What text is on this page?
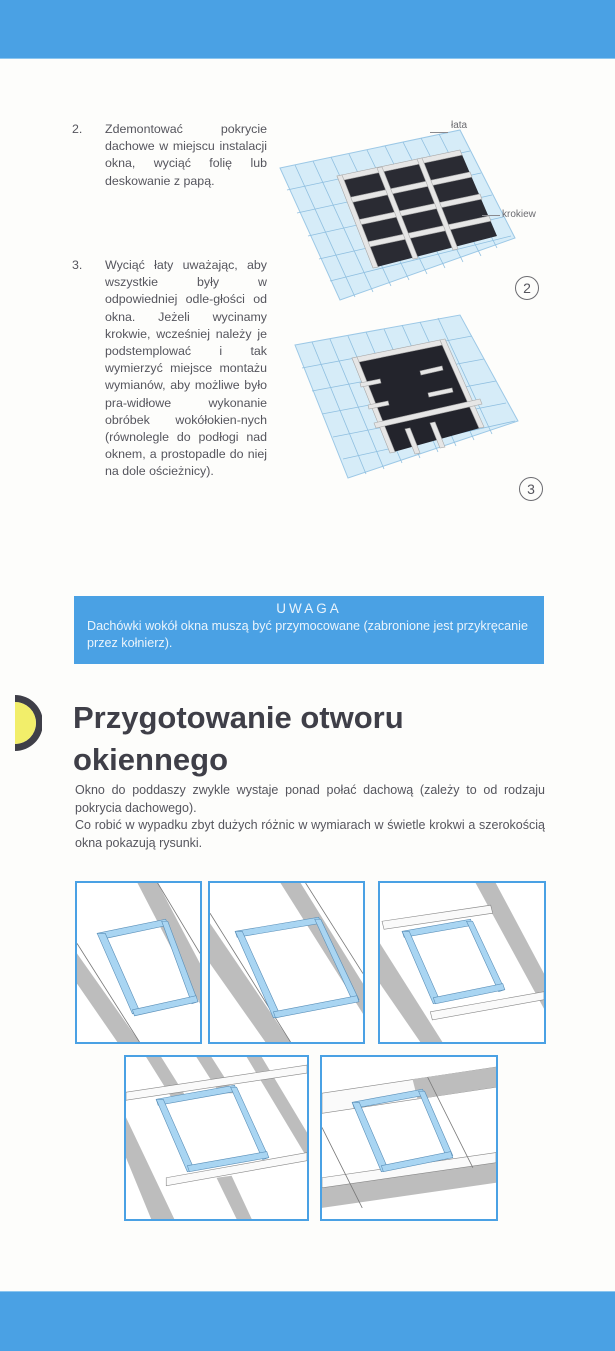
2.	Zdemontować pokrycie dachowe w miejscu instalacji okna, wyciąć folię lub deskowanie z papą.
3.	Wyciąć łaty uważając, aby wszystkie były w odpowiedniej odle-głości od okna. Jeżeli wycinamy krokwie, wcześniej należy je podstemplować i tak wymierzyć miejsce montażu wymianów, aby możliwe było pra-widłowe wykonanie obróbek wokółokien-nych (równolegle do podłogi nad oknem, a prostopadle do niej na dole ościeżnicy).
łata
krokiew
2
3
UWAGA
Dachówki wokół okna muszą być przymocowane (zabronione jest przykręcanie przez kołnierz).
Przygotowanie otworu okiennego

Okno do poddaszy zwykle wystaje ponad połać dachową (zależy to od rodzaju pokrycia dachowego).

Co robić w wypadku zbyt dużych różnic w wymiarach w świetle krokwi a szerokością okna pokazują rysunki.
